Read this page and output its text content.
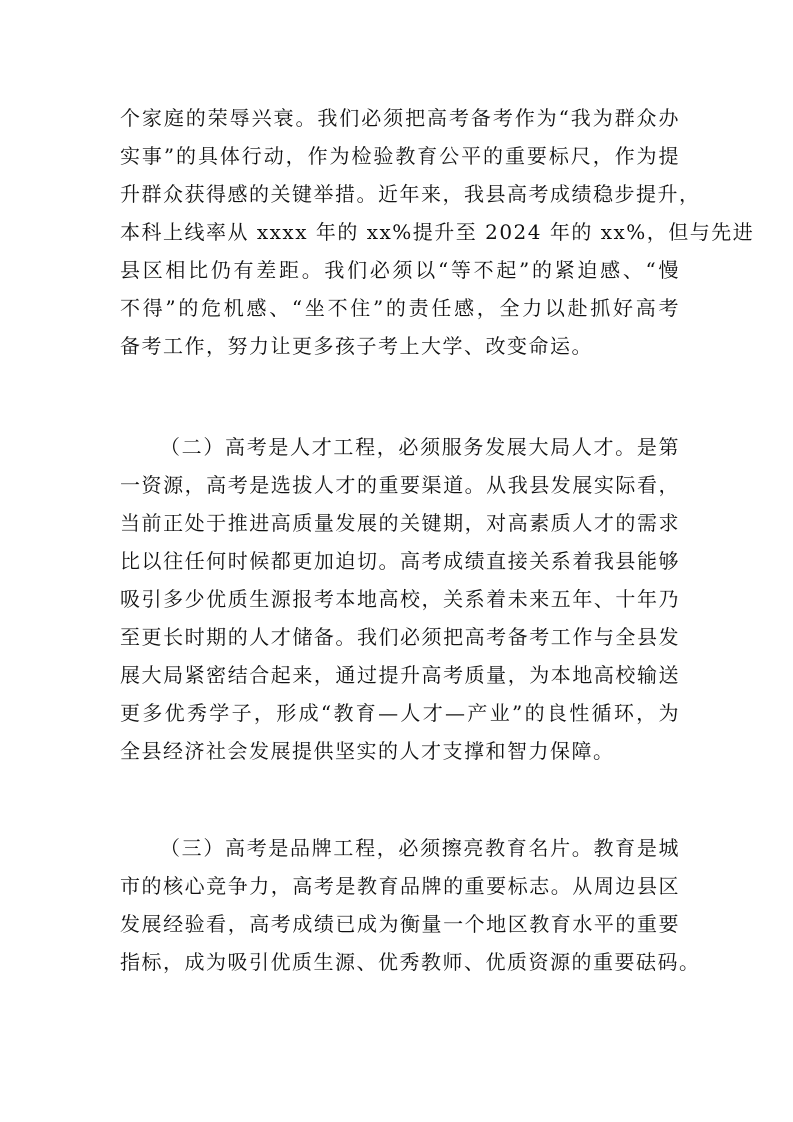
个家庭的荣辱兴衰。我们必须把高考备考作为“我为群众办
实事”的具体行动，作为检验教育公平的重要标尺，作为提
升群众获得感的关键举措。近年来，我县高考成绩稳步提升，
本科上线率从 xxxx 年的 xx%提升至 2024 年的 xx%，但与先进
县区相比仍有差距。我们必须以“等不起”的紧迫感、“慢
不得”的危机感、“坐不住”的责任感，全力以赴抓好高考
备考工作，努力让更多孩子考上大学、改变命运。
（二）高考是人才工程，必须服务发展大局人才。是第
一资源，高考是选拔人才的重要渠道。从我县发展实际看，
当前正处于推进高质量发展的关键期，对高素质人才的需求
比以往任何时候都更加迫切。高考成绩直接关系着我县能够
吸引多少优质生源报考本地高校，关系着未来五年、十年乃
至更长时期的人才储备。我们必须把高考备考工作与全县发
展大局紧密结合起来，通过提升高考质量，为本地高校输送
更多优秀学子，形成“教育—人才—产业”的良性循环，为
全县经济社会发展提供坚实的人才支撑和智力保障。
（三）高考是品牌工程，必须擦亮教育名片。教育是城
市的核心竞争力，高考是教育品牌的重要标志。从周边县区
发展经验看，高考成绩已成为衡量一个地区教育水平的重要
指标，成为吸引优质生源、优秀教师、优质资源的重要砝码。
